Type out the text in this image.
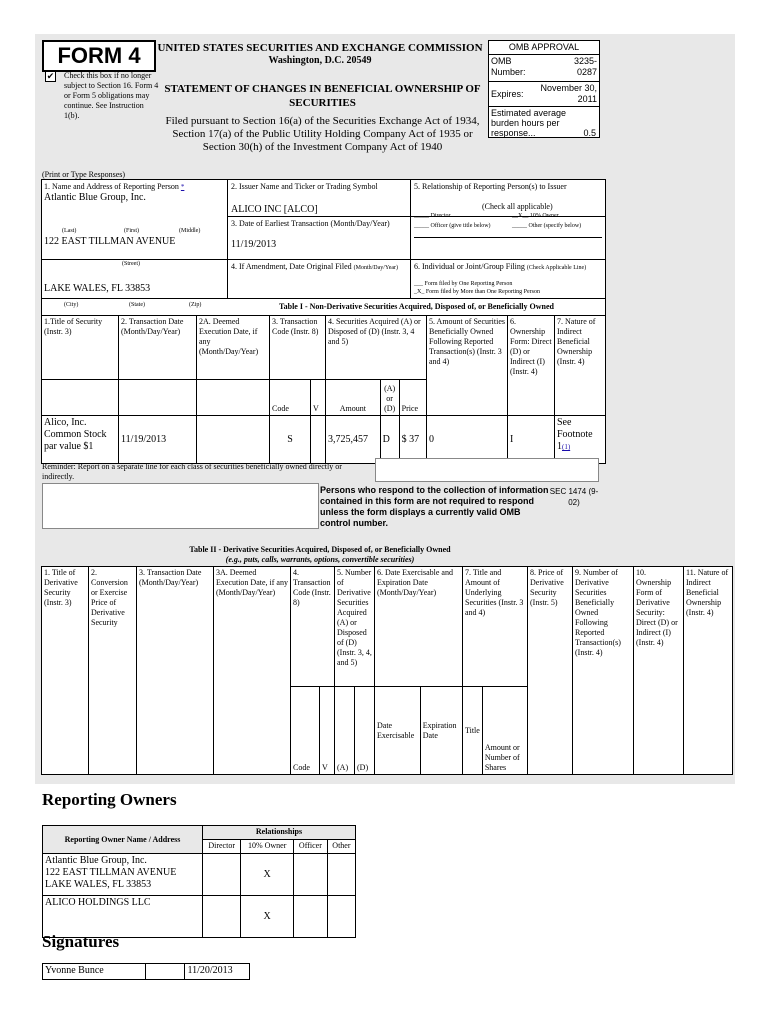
FORM 4
✔ Check this box if no longer subject to Section 16. Form 4 or Form 5 obligations may continue. See Instruction 1(b).
UNITED STATES SECURITIES AND EXCHANGE COMMISSION
Washington, D.C. 20549
STATEMENT OF CHANGES IN BENEFICIAL OWNERSHIP OF SECURITIES
Filed pursuant to Section 16(a) of the Securities Exchange Act of 1934, Section 17(a) of the Public Utility Holding Company Act of 1935 or Section 30(h) of the Investment Company Act of 1940
OMB APPROVAL
OMB Number:
3235-0287
Expires:
November 30, 2011
Estimated average burden hours per response...	0.5
(Print or Type Responses)
1. Name and Address of Reporting Person *
Atlantic Blue Group, Inc.
(Last)	(First)	(Middle)
122 EAST TILLMAN AVENUE
(Street)
LAKE WALES, FL 33853
(City)	(State)	(Zip)
2. Issuer Name and Ticker or Trading Symbol
ALICO INC [ALCO]
3. Date of Earliest Transaction (Month/Day/Year)
11/19/2013
4. If Amendment, Date Original Filed (Month/Day/Year)
5. Relationship of Reporting Person(s) to Issuer
(Check all applicable)
_____ Director	__X__ 10% Owner
_____ Officer (give title below)	_____ Other (specify below)
6. Individual or Joint/Group Filing (Check Applicable Line)
___ Form filed by One Reporting Person
_X_ Form filed by More than One Reporting Person
Table I - Non-Derivative Securities Acquired, Disposed of, or Beneficially Owned
1.Title of Security (Instr. 3)	2. Transaction Date (Month/Day/Year)	2A. Deemed Execution Date, if any (Month/Day/Year)	3. Transaction Code (Instr. 8)		4. Securities Acquired (A) or Disposed of (D) (Instr. 3, 4 and 5)			5. Amount of Securities Beneficially Owned Following Reported Transaction(s) (Instr. 3 and 4)	6. Ownership Form: Direct (D) or Indirect (I) (Instr. 4)	7. Nature of Indirect Beneficial Ownership (Instr. 4)
			Code	V	Amount	(A) or (D)	Price			
Alico, Inc. Common Stock par value $1	11/19/2013		S		3,725,457	D	$ 37	0	I	See Footnote
1(1)
Reminder: Report on a separate line for each class of securities beneficially owned directly or indirectly.
Persons who respond to the collection of information contained in this form are not required to respond unless the form displays a currently valid OMB control number.
SEC 1474 (9-02)
Table II - Derivative Securities Acquired, Disposed of, or Beneficially Owned
(e.g., puts, calls, warrants, options, convertible securities)
1. Title of Derivative Security (Instr. 3)	2. Conversion or Exercise Price of Derivative Security	3. Transaction Date (Month/Day/Year)	3A. Deemed Execution Date, if any (Month/Day/Year)	4. Transaction Code (Instr. 8)		5. Number of Derivative Securities Acquired (A) or Disposed of (D) (Instr. 3, 4, and 5)		6. Date Exercisable and Expiration Date (Month/Day/Year)		7. Title and Amount of Underlying Securities (Instr. 3 and 4)		8. Price of Derivative Security (Instr. 5)	9. Number of Derivative Securities Beneficially Owned Following Reported Transaction(s) (Instr. 4)	10. Ownership Form of Derivative Security: Direct (D) or Indirect (I) (Instr. 4)	11. Nature of Indirect Beneficial Ownership (Instr. 4)
				Code	V	(A)	(D)	Date Exercisable	Expiration Date	Title	Amount or Number of Shares				
Reporting Owners
Reporting Owner Name / Address	Relationships			
	Director	10% Owner	Officer	Other
Atlantic Blue Group, Inc.
122 EAST TILLMAN AVENUE
LAKE WALES, FL 33853		X		
ALICO HOLDINGS LLC		X		
Signatures
Yvonne Bunce		11/20/2013
